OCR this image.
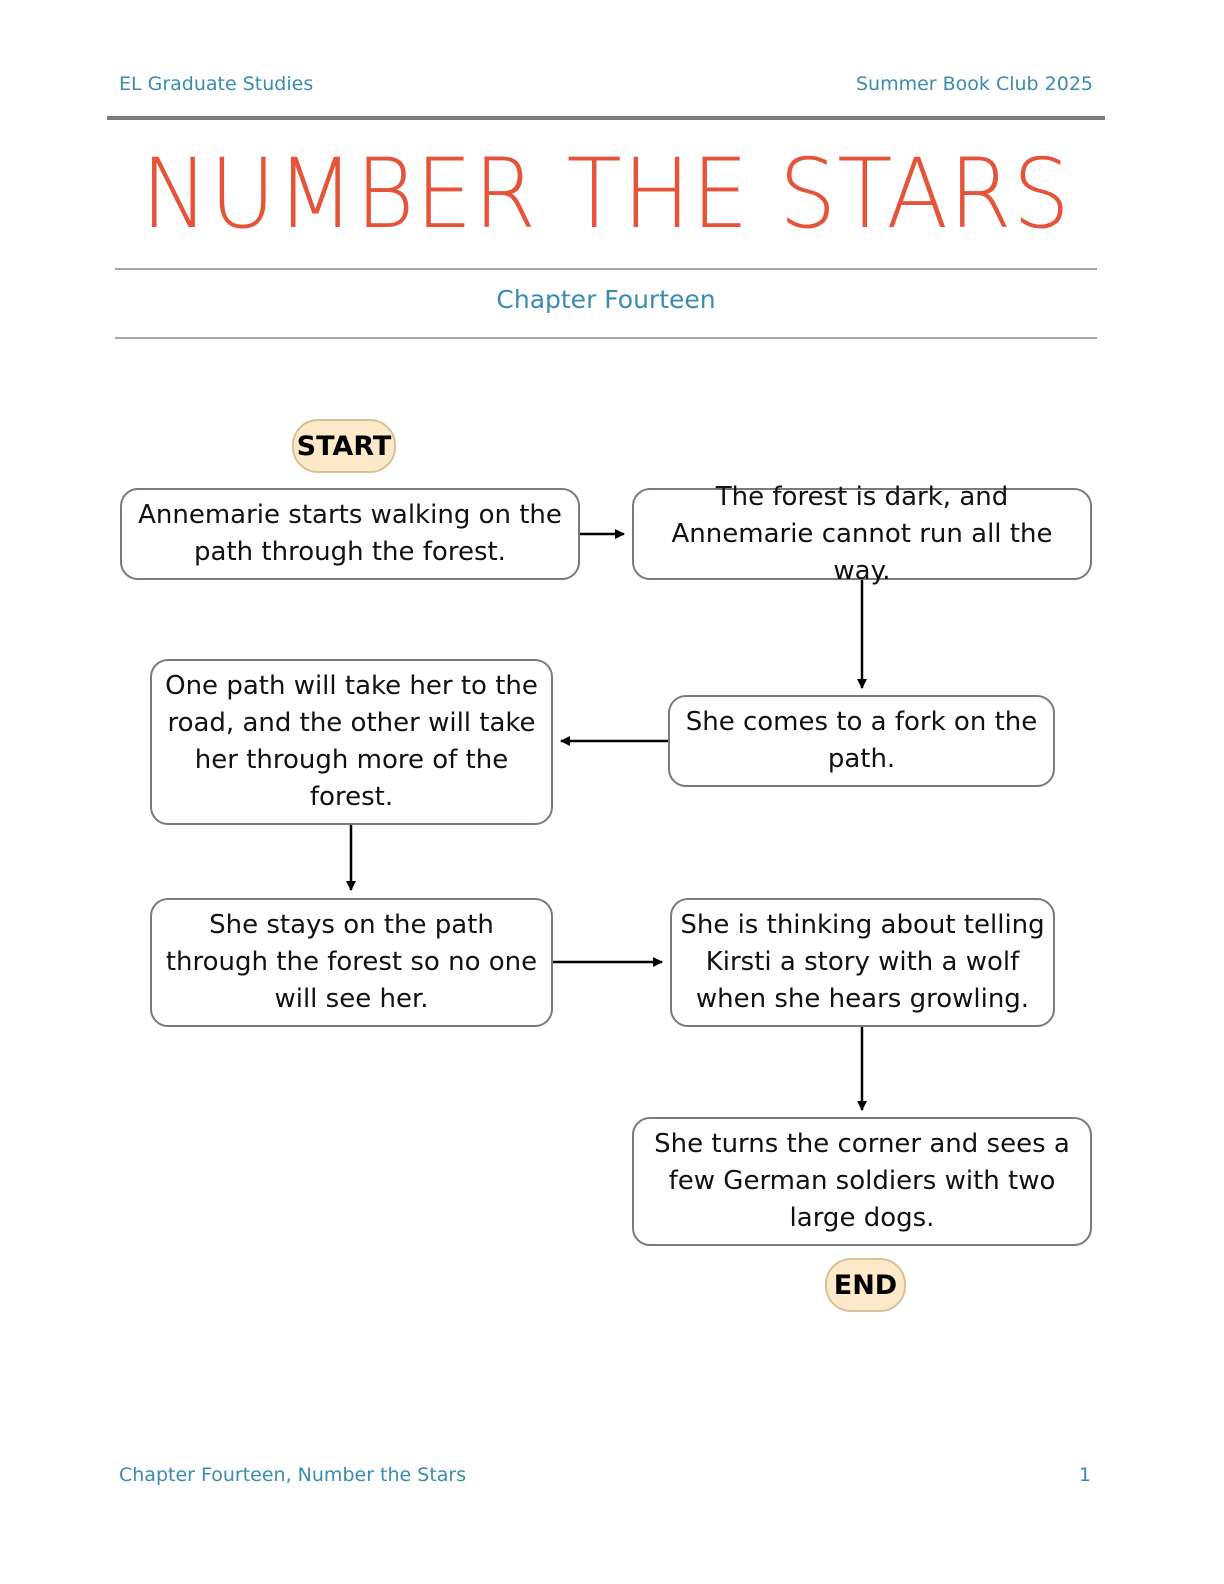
EL Graduate Studies	Summer Book Club 2025
NUMBER THE STARS
Chapter Fourteen
START
Annemarie starts walking on the path through the forest.
The forest is dark, and Annemarie cannot run all the way.
She comes to a fork on the path.
One path will take her to the road, and the other will take her through more of the forest.
She stays on the path through the forest so no one will see her.
She is thinking about telling Kirsti a story with a wolf when she hears growling.
She turns the corner and sees a few German soldiers with two large dogs.
END
Chapter Fourteen, Number the Stars	1
